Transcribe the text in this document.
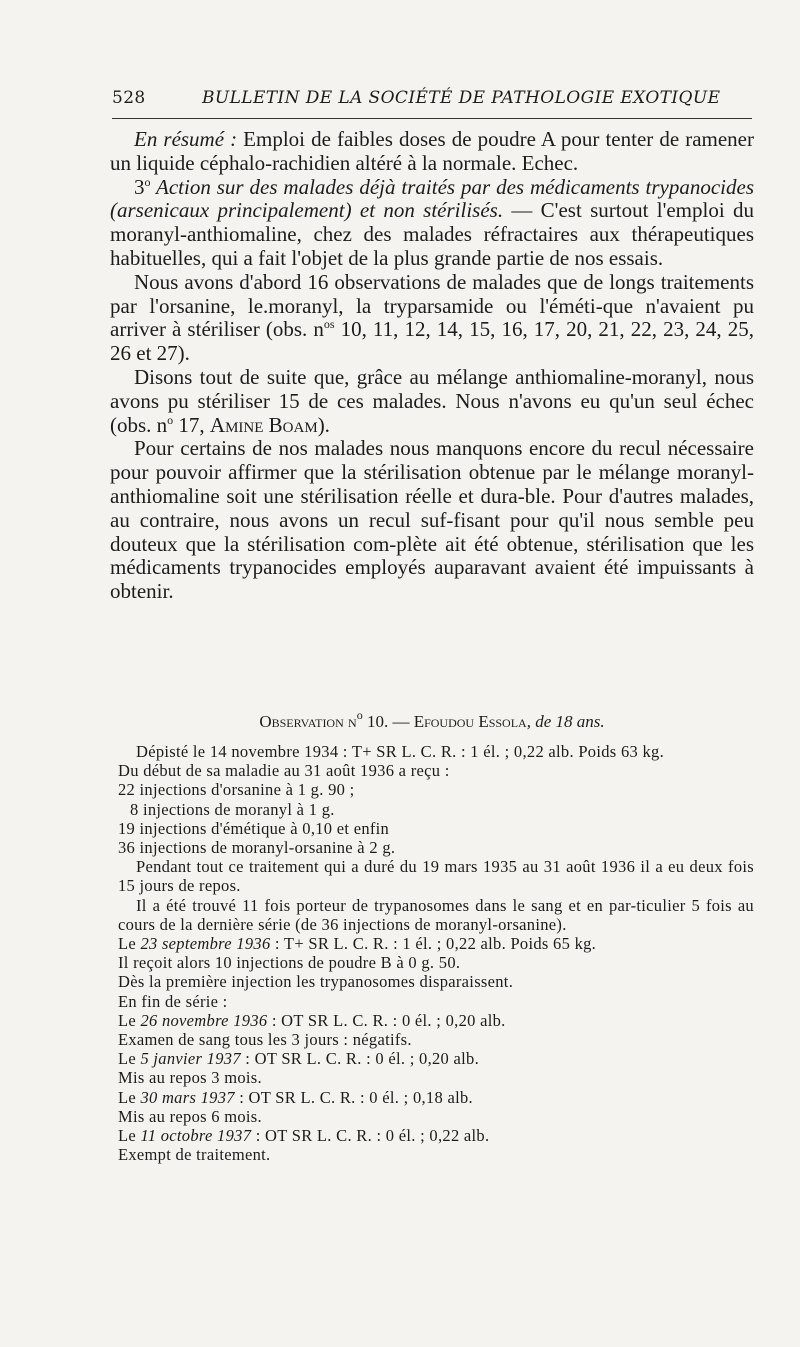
528	BULLETIN DE LA SOCIÉTÉ DE PATHOLOGIE EXOTIQUE

En résumé : Emploi de faibles doses de poudre A pour tenter de ramener un liquide céphalo-rachidien altéré à la normale. Echec.

3$^o$ Action sur des malades déjà traités par des médicaments trypanocides (arsenicaux principalement) et non stérilisés. — C'est surtout l'emploi du moranyl-anthiomaline, chez des malades réfractaires aux thérapeutiques habituelles, qui a fait l'objet de la plus grande partie de nos essais.

Nous avons d'abord 16 observations de malades que de longs traitements par l'orsanine, le.moranyl, la tryparsamide ou l'éméti-que n'avaient pu arriver à stériliser (obs. $n^{os}$ 10, 11, 12, 14, 15, 16, 17, 20, 21, 22, 23, 24, 25, 26 et 27).

Disons tout de suite que, grâce au mélange anthiomaline-moranyl, nous avons pu stériliser 15 de ces malades. Nous n'avons eu qu'un seul échec (obs. $n^o$ 17, Amine Boam).

Pour certains de nos malades nous manquons encore du recul nécessaire pour pouvoir affirmer que la stérilisation obtenue par le mélange moranyl-anthiomaline soit une stérilisation réelle et dura-ble. Pour d'autres malades, au contraire, nous avons un recul suf-fisant pour qu'il nous semble peu douteux que la stérilisation com-plète ait été obtenue, stérilisation que les médicaments trypanocides employés auparavant avaient été impuissants à obtenir.

Observation $n^o$ 10. — Efoudou Essola, de 18 ans.

Dépisté le 14 novembre 1934 : T+ SR L. C. R. : 1 él. ; 0,22 alb. Poids 63 kg.

Du début de sa maladie au 31 août 1936 a reçu :

22 injections d'orsanine à 1 g. 90 ;

8 injections de moranyl à 1 g.

19 injections d'émétique à 0,10 et enfin

36 injections de moranyl-orsanine à 2 g.

Pendant tout ce traitement qui a duré du 19 mars 1935 au 31 août 1936 il a eu deux fois 15 jours de repos.

Il a été trouvé 11 fois porteur de trypanosomes dans le sang et en par-ticulier 5 fois au cours de la dernière série (de 36 injections de moranyl-orsanine).

Le 23 septembre 1936 : T+ SR L. C. R. : 1 él. ; 0,22 alb. Poids 65 kg.

Il reçoit alors 10 injections de poudre B à 0 g. 50.

Dès la première injection les trypanosomes disparaissent.

En fin de série :

Le 26 novembre 1936 : OT SR L. C. R. : 0 él. ; 0,20 alb.

Examen de sang tous les 3 jours : négatifs.

Le 5 janvier 1937 : OT SR L. C. R. : 0 él. ; 0,20 alb.

Mis au repos 3 mois.

Le 30 mars 1937 : OT SR L. C. R. : 0 él. ; 0,18 alb.

Mis au repos 6 mois.

Le 11 octobre 1937 : OT SR L. C. R. : 0 él. ; 0,22 alb.

Exempt de traitement.
